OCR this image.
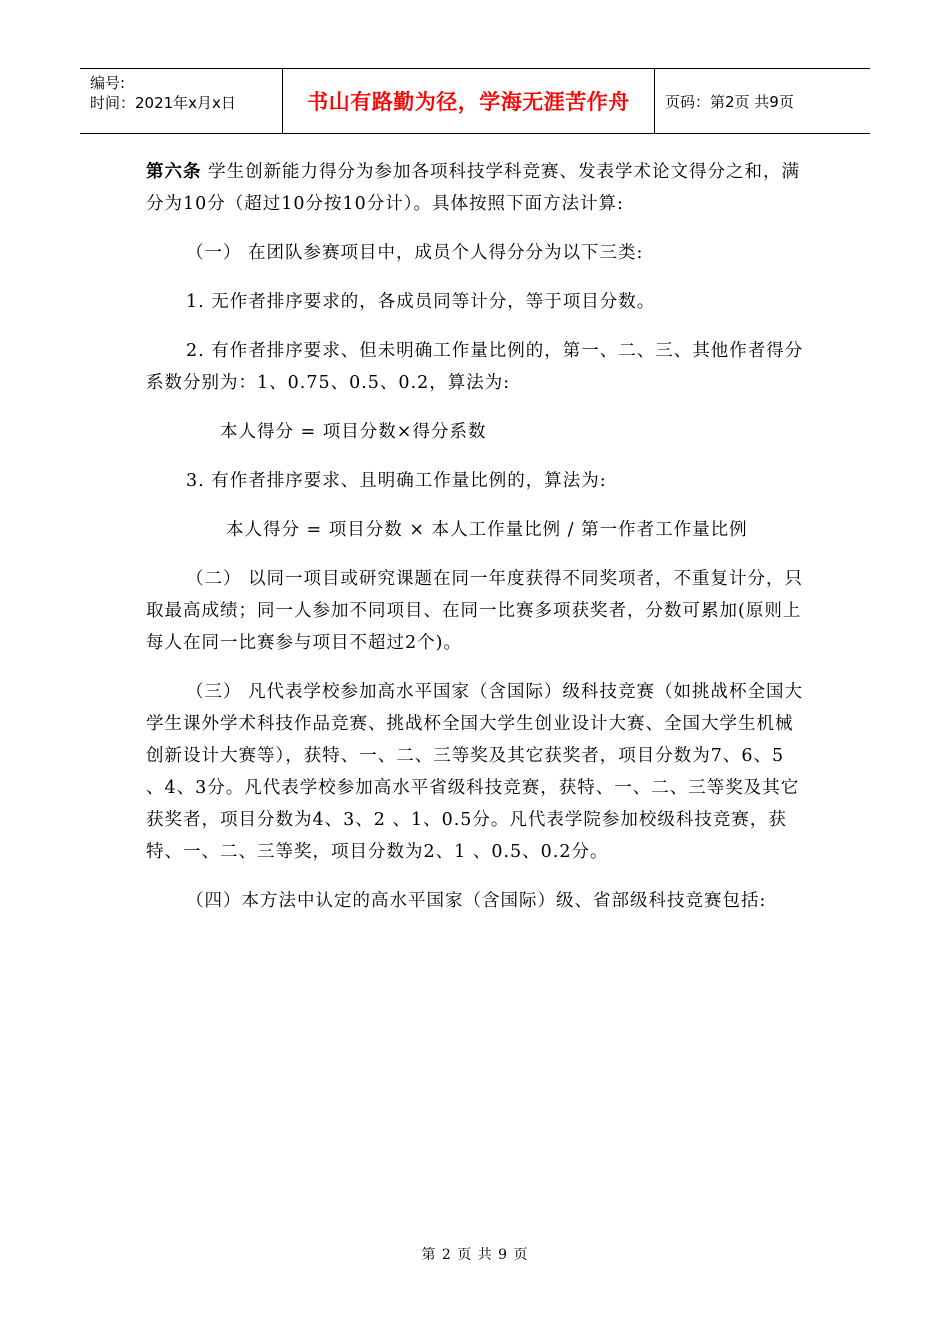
编号:
时间：2021年x月x日	书山有路勤为径，学海无涯苦作舟	页码：第2页 共9页

第六条 学生创新能力得分为参加各项科技学科竞赛、发表学术论文得分之和，满分为10分（超过10分按10分计）。具体按照下面方法计算:

（一） 在团队参赛项目中，成员个人得分分为以下三类:

1. 无作者排序要求的，各成员同等计分，等于项目分数。

2. 有作者排序要求、但未明确工作量比例的，第一、二、三、其他作者得分系数分别为：1、0.75、0.5、0.2，算法为:

本人得分 = 项目分数×得分系数

3. 有作者排序要求、且明确工作量比例的，算法为:

本人得分 = 项目分数 × 本人工作量比例 / 第一作者工作量比例

（二） 以同一项目或研究课题在同一年度获得不同奖项者，不重复计分，只取最高成绩；同一人参加不同项目、在同一比赛多项获奖者，分数可累加(原则上每人在同一比赛参与项目不超过2个)。

（三） 凡代表学校参加高水平国家（含国际）级科技竞赛（如挑战杯全国大学生课外学术科技作品竞赛、挑战杯全国大学生创业设计大赛、全国大学生机械创新设计大赛等），获特、一、二、三等奖及其它获奖者，项目分数为7、6、5 、4、3分。凡代表学校参加高水平省级科技竞赛，获特、一、二、三等奖及其它获奖者，项目分数为4、3、2 、1、0.5分。凡代表学院参加校级科技竞赛，获特、一、二、三等奖，项目分数为2、1 、0.5、0.2分。

（四）本方法中认定的高水平国家（含国际）级、省部级科技竞赛包括:

第 2 页 共 9 页
